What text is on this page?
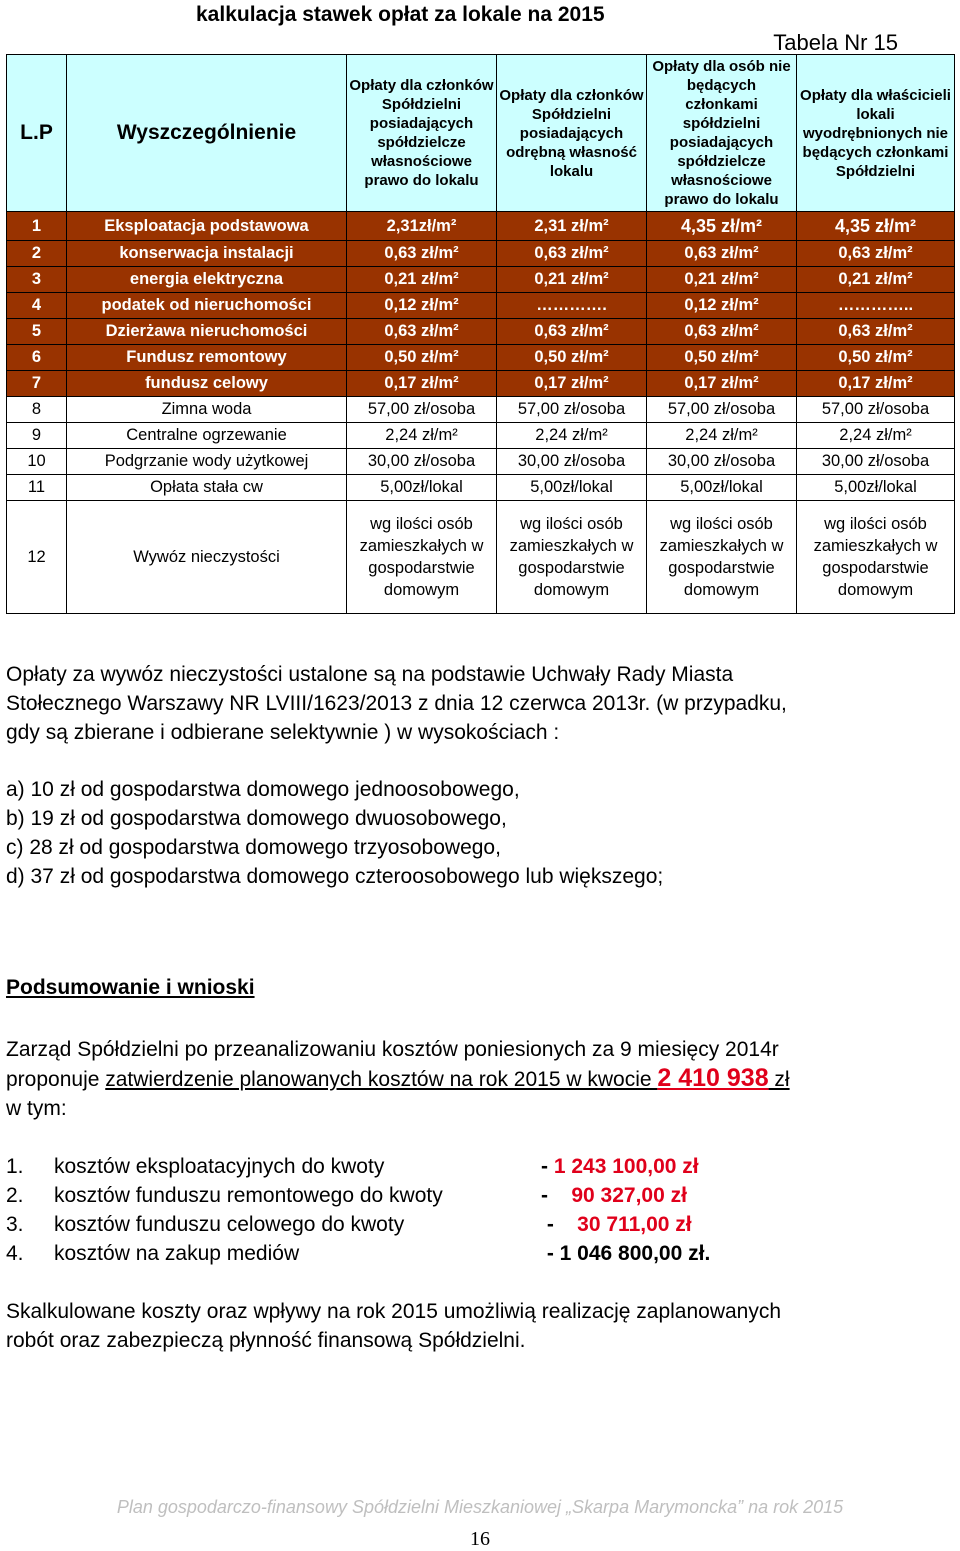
kalkulacja stawek opłat za lokale na 2015
Tabela Nr 15
L.P	Wyszczególnienie	Opłaty dla członków Spółdzielni posiadających spółdzielcze własnościowe prawo do lokalu	Opłaty dla członków Spółdzielni posiadających odrębną własność lokalu	Opłaty dla osób nie będących członkami spółdzielni posiadających spółdzielcze własnościowe prawo do lokalu	Opłaty dla właścicieli lokali wyodrębnionych nie będących członkami Spółdzielni
1	Eksploatacja podstawowa	2,31zł/m²	2,31 zł/m²	4,35 zł/m²	4,35 zł/m²
2	konserwacja instalacji	0,63 zł/m²	0,63 zł/m²	0,63 zł/m²	0,63 zł/m²
3	energia elektryczna	0,21 zł/m²	0,21 zł/m²	0,21 zł/m²	0,21 zł/m²
4	podatek od nieruchomości	0,12 zł/m²	………….	0,12 zł/m²	…………..
5	Dzierżawa nieruchomości	0,63 zł/m²	0,63 zł/m²	0,63 zł/m²	0,63 zł/m²
6	Fundusz remontowy	0,50 zł/m²	0,50 zł/m²	0,50 zł/m²	0,50 zł/m²
7	fundusz celowy	0,17 zł/m²	0,17 zł/m²	0,17 zł/m²	0,17 zł/m²
8	Zimna woda	57,00 zł/osoba	57,00 zł/osoba	57,00 zł/osoba	57,00 zł/osoba
9	Centralne ogrzewanie	2,24 zł/m²	2,24 zł/m²	2,24 zł/m²	2,24 zł/m²
10	Podgrzanie wody użytkowej	30,00 zł/osoba	30,00 zł/osoba	30,00 zł/osoba	30,00 zł/osoba
11	Opłata stała cw	5,00zł/lokal	5,00zł/lokal	5,00zł/lokal	5,00zł/lokal
12	Wywóz nieczystości	wg ilości osób zamieszkałych w gospodarstwie domowym	wg ilości osób zamieszkałych w gospodarstwie domowym	wg ilości osób zamieszkałych w gospodarstwie domowym	wg ilości osób zamieszkałych w gospodarstwie domowym
Opłaty za wywóz nieczystości ustalone są na podstawie Uchwały Rady Miasta
Stołecznego Warszawy NR LVIII/1623/2013 z dnia 12 czerwca 2013r. (w przypadku,
gdy są zbierane i odbierane selektywnie ) w wysokościach :
a) 10 zł od gospodarstwa domowego jednoosobowego,
b) 19 zł od gospodarstwa domowego dwuosobowego,
c) 28 zł od gospodarstwa domowego trzyosobowego,
d) 37 zł od gospodarstwa domowego czteroosobowego lub większego;
Podsumowanie i wnioski
Zarząd Spółdzielni po przeanalizowaniu kosztów poniesionych za 9 miesięcy 2014r
proponuje zatwierdzenie planowanych kosztów na rok 2015 w kwocie 2 410 938 zł
w tym:
1.	kosztów eksploatacyjnych do kwoty	- 1 243 100,00 zł
2.	kosztów funduszu remontowego do kwoty	-    90 327,00 zł
3.	kosztów funduszu celowego do kwoty	-    30 711,00 zł
4.	kosztów na zakup mediów	- 1 046 800,00 zł.
Skalkulowane koszty oraz wpływy na rok 2015 umożliwią realizację zaplanowanych
robót oraz zabezpieczą płynność finansową Spółdzielni.
Plan gospodarczo-finansowy Spółdzielni Mieszkaniowej „Skarpa Marymoncka” na rok 2015
16
